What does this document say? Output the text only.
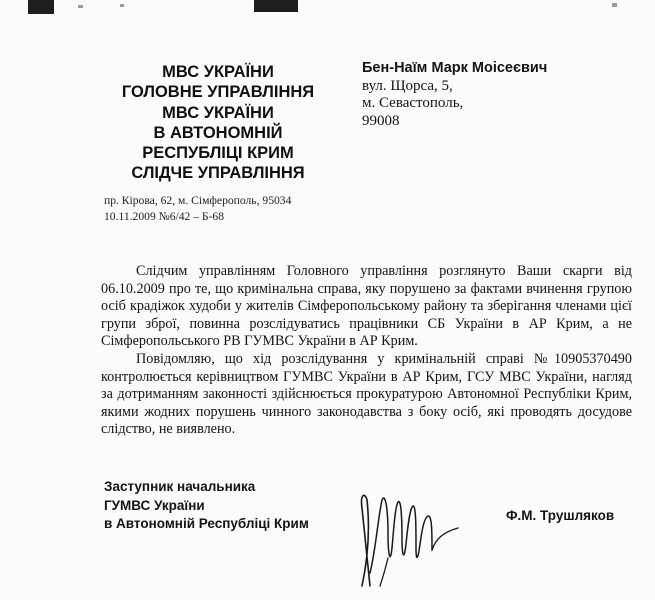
МВС УКРАЇНИ
ГОЛОВНЕ УПРАВЛІННЯ
МВС УКРАЇНИ
В АВТОНОМНІЙ
РЕСПУБЛІЦІ КРИМ
СЛІДЧЕ УПРАВЛІННЯ
Бен-Наїм Марк Моісеєвич
вул. Щорса, 5,
м. Севастополь,
99008
пр. Кірова, 62, м. Сімферополь, 95034
10.11.2009 №6/42 – Б-68

Слідчим управлінням Головного управління розглянуто Ваши скарги від 06.10.2009 про те, що кримінальна справа, яку порушено за фактами вчинення групою осіб крадіжок худоби у жителів Сімферопольському району та зберігання членами цієї групи зброї, повинна розслідуватись працівники СБ України в АР Крим, а не Сімферопольського РВ ГУМВС України в АР Крим.

Повідомляю, що хід розслідування у кримінальній справі №10905370490 контролюється керівництвом ГУМВС України в АР Крим, ГСУ МВС України, нагляд за дотриманням законності здійснюється прокуратурою Автономної Республіки Крим, якими жодних порушень чинного законодавства з боку осіб, які проводять досудове слідство, не виявлено.

Заступник начальника
ГУМВС України
в Автономній Республіці Крим
Ф.М. Трушляков
